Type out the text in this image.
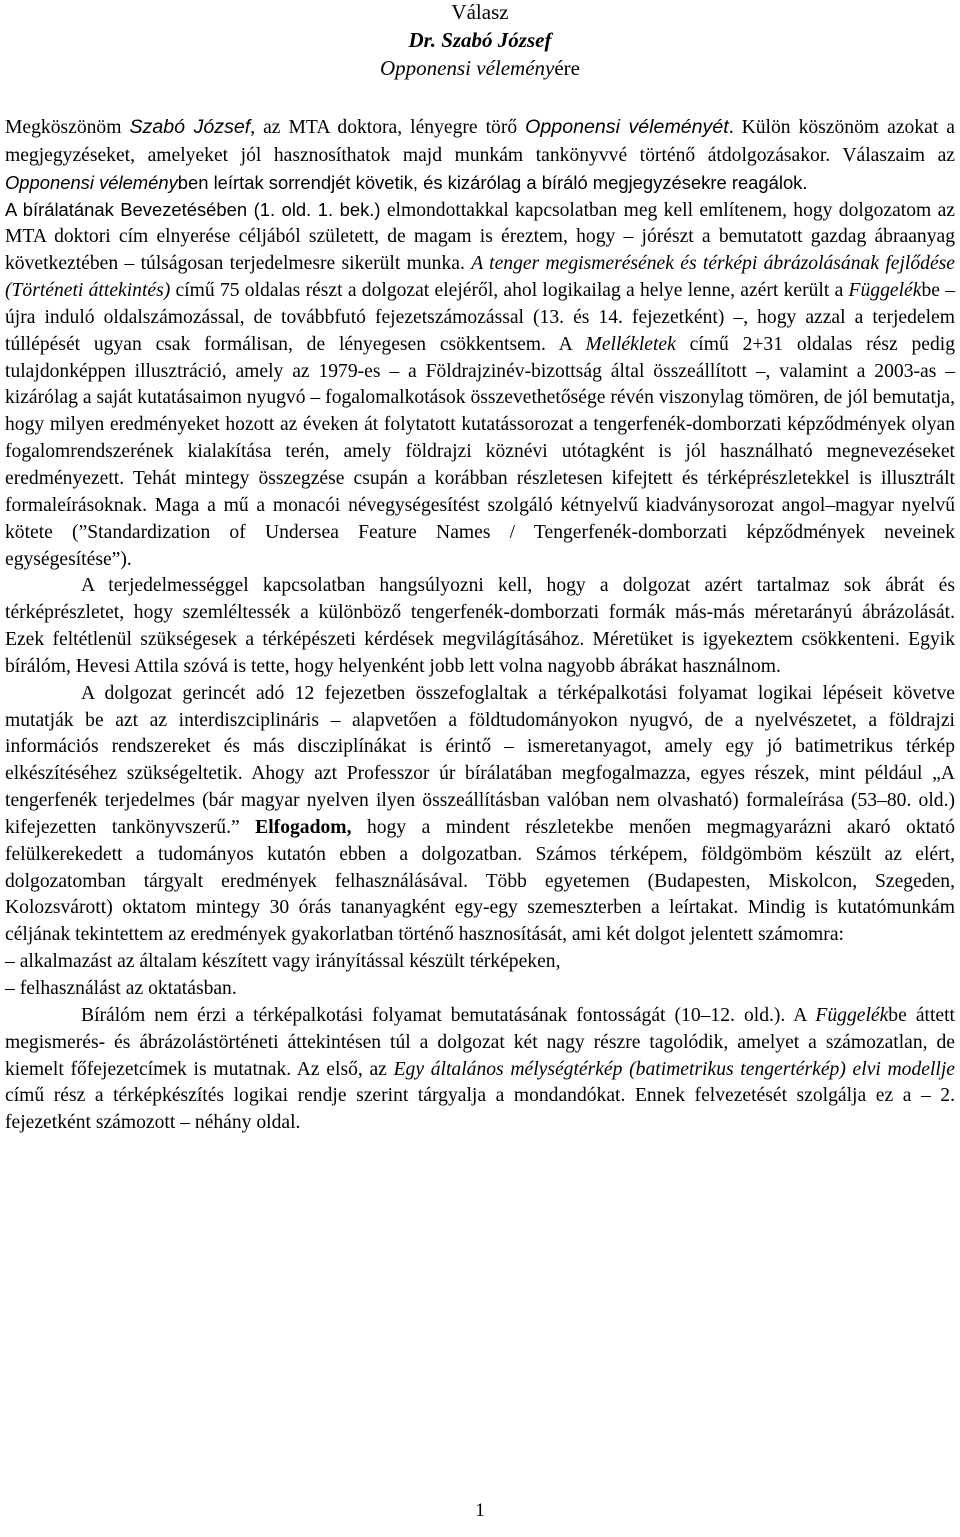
Válasz
Dr. Szabó József
Opponensi véleményére

Megköszönöm Szabó József, az MTA doktora, lényegre törő Opponensi véleményét. Külön köszönöm azokat a megjegyzéseket, amelyeket jól hasznosíthatok majd munkám tankönyvvé történő átdolgozásakor. Válaszaim az Opponensi véleményben leírtak sorrendjét követik, és kizárólag a bíráló megjegyzésekre reagálok.

A bírálatának Bevezetésében (1. old. 1. bek.) elmondottakkal kapcsolatban meg kell említenem, hogy dolgozatom az MTA doktori cím elnyerése céljából született, de magam is éreztem, hogy – jórészt a bemutatott gazdag ábraanyag következtében – túlságosan terjedelmesre sikerült munka. A tenger megismerésének és térképi ábrázolásának fejlődése (Történeti áttekintés) című 75 oldalas részt a dolgozat elejéről, ahol logikailag a helye lenne, azért került a Függelékbe – újra induló oldalszámozással, de továbbfutó fejezetszámozással (13. és 14. fejezetként) –, hogy azzal a terjedelem túllépését ugyan csak formálisan, de lényegesen csökkentsem. A Mellékletek című 2+31 oldalas rész pedig tulajdonképpen illusztráció, amely az 1979-es – a Földrajzinév-bizottság által összeállított –, valamint a 2003-as – kizárólag a saját kutatásaimon nyugvó – fogalomalkotások összevethetősége révén viszonylag tömören, de jól bemutatja, hogy milyen eredményeket hozott az éveken át folytatott kutatássorozat a tengerfenék-domborzati képződmények olyan fogalomrendszerének kialakítása terén, amely földrajzi köznévi utótagként is jól használható megnevezéseket eredményezett. Tehát mintegy összegzése csupán a korábban részletesen kifejtett és térképrészletekkel is illusztrált formaleírásoknak. Maga a mű a monacói névegységesítést szolgáló kétnyelvű kiadványsorozat angol–magyar nyelvű kötete (”Standardization of Undersea Feature Names / Tengerfenék-domborzati képződmények neveinek egységesítése”).

A terjedelmességgel kapcsolatban hangsúlyozni kell, hogy a dolgozat azért tartalmaz sok ábrát és térképrészletet, hogy szemléltessék a különböző tengerfenék-domborzati formák más-más méretarányú ábrázolását. Ezek feltétlenül szükségesek a térképészeti kérdések megvilágításához. Méretüket is igyekeztem csökkenteni. Egyik bírálóm, Hevesi Attila szóvá is tette, hogy helyenként jobb lett volna nagyobb ábrákat használnom.

A dolgozat gerincét adó 12 fejezetben összefoglaltak a térképalkotási folyamat logikai lépéseit követve mutatják be azt az interdiszciplináris – alapvetően a földtudományokon nyugvó, de a nyelvészetet, a földrajzi információs rendszereket és más discziplínákat is érintő – ismeretanyagot, amely egy jó batimetrikus térkép elkészítéséhez szükségeltetik. Ahogy azt Professzor úr bírálatában megfogalmazza, egyes részek, mint például „A tengerfenék terjedelmes (bár magyar nyelven ilyen összeállításban valóban nem olvasható) formaleírása (53–80. old.) kifejezetten tankönyvszerű.” Elfogadom, hogy a mindent részletekbe menően megmagyarázni akaró oktató felülkerekedett a tudományos kutatón ebben a dolgozatban. Számos térképem, földgömböm készült az elért, dolgozatomban tárgyalt eredmények felhasználásával. Több egyetemen (Budapesten, Miskolcon, Szegeden, Kolozsvárott) oktatom mintegy 30 órás tananyagként egy-egy szemeszterben a leírtakat. Mindig is kutatómunkám céljának tekintettem az eredmények gyakorlatban történő hasznosítását, ami két dolgot jelentett számomra:

– alkalmazást az általam készített vagy irányítással készült térképeken,

– felhasználást az oktatásban.

Bírálóm nem érzi a térképalkotási folyamat bemutatásának fontosságát (10–12. old.). A Függelékbe áttett megismerés- és ábrázolástörténeti áttekintésen túl a dolgozat két nagy részre tagolódik, amelyet a számozatlan, de kiemelt főfejezetcímek is mutatnak. Az első, az Egy általános mélységtérkép (batimetrikus tengertérkép) elvi modellje című rész a térképkészítés logikai rendje szerint tárgyalja a mondandókat. Ennek felvezetését szolgálja ez a – 2. fejezetként számozott – néhány oldal.

1
